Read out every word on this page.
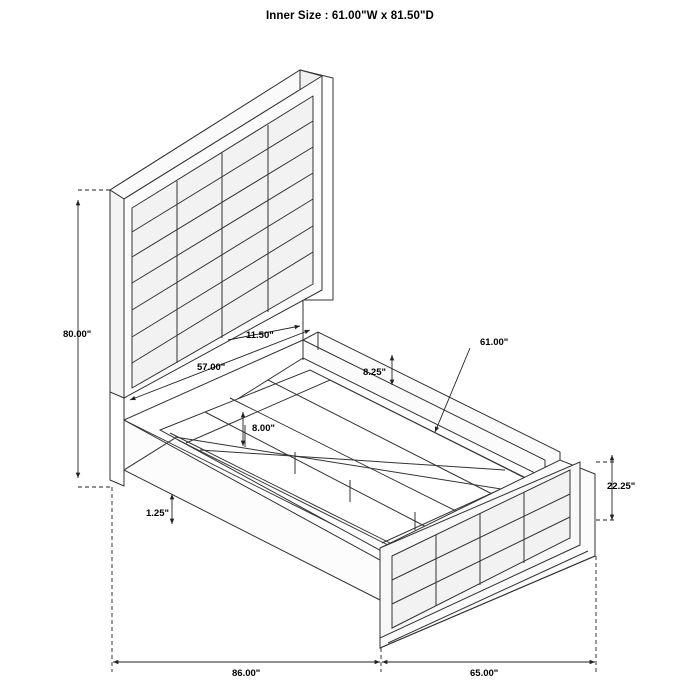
Inner Size : 61.00"W x 81.50"D
80.00"
57.00"
11.50"
61.00"
8.25"
8.00"
22.25"
1.25"
86.00"	65.00"
